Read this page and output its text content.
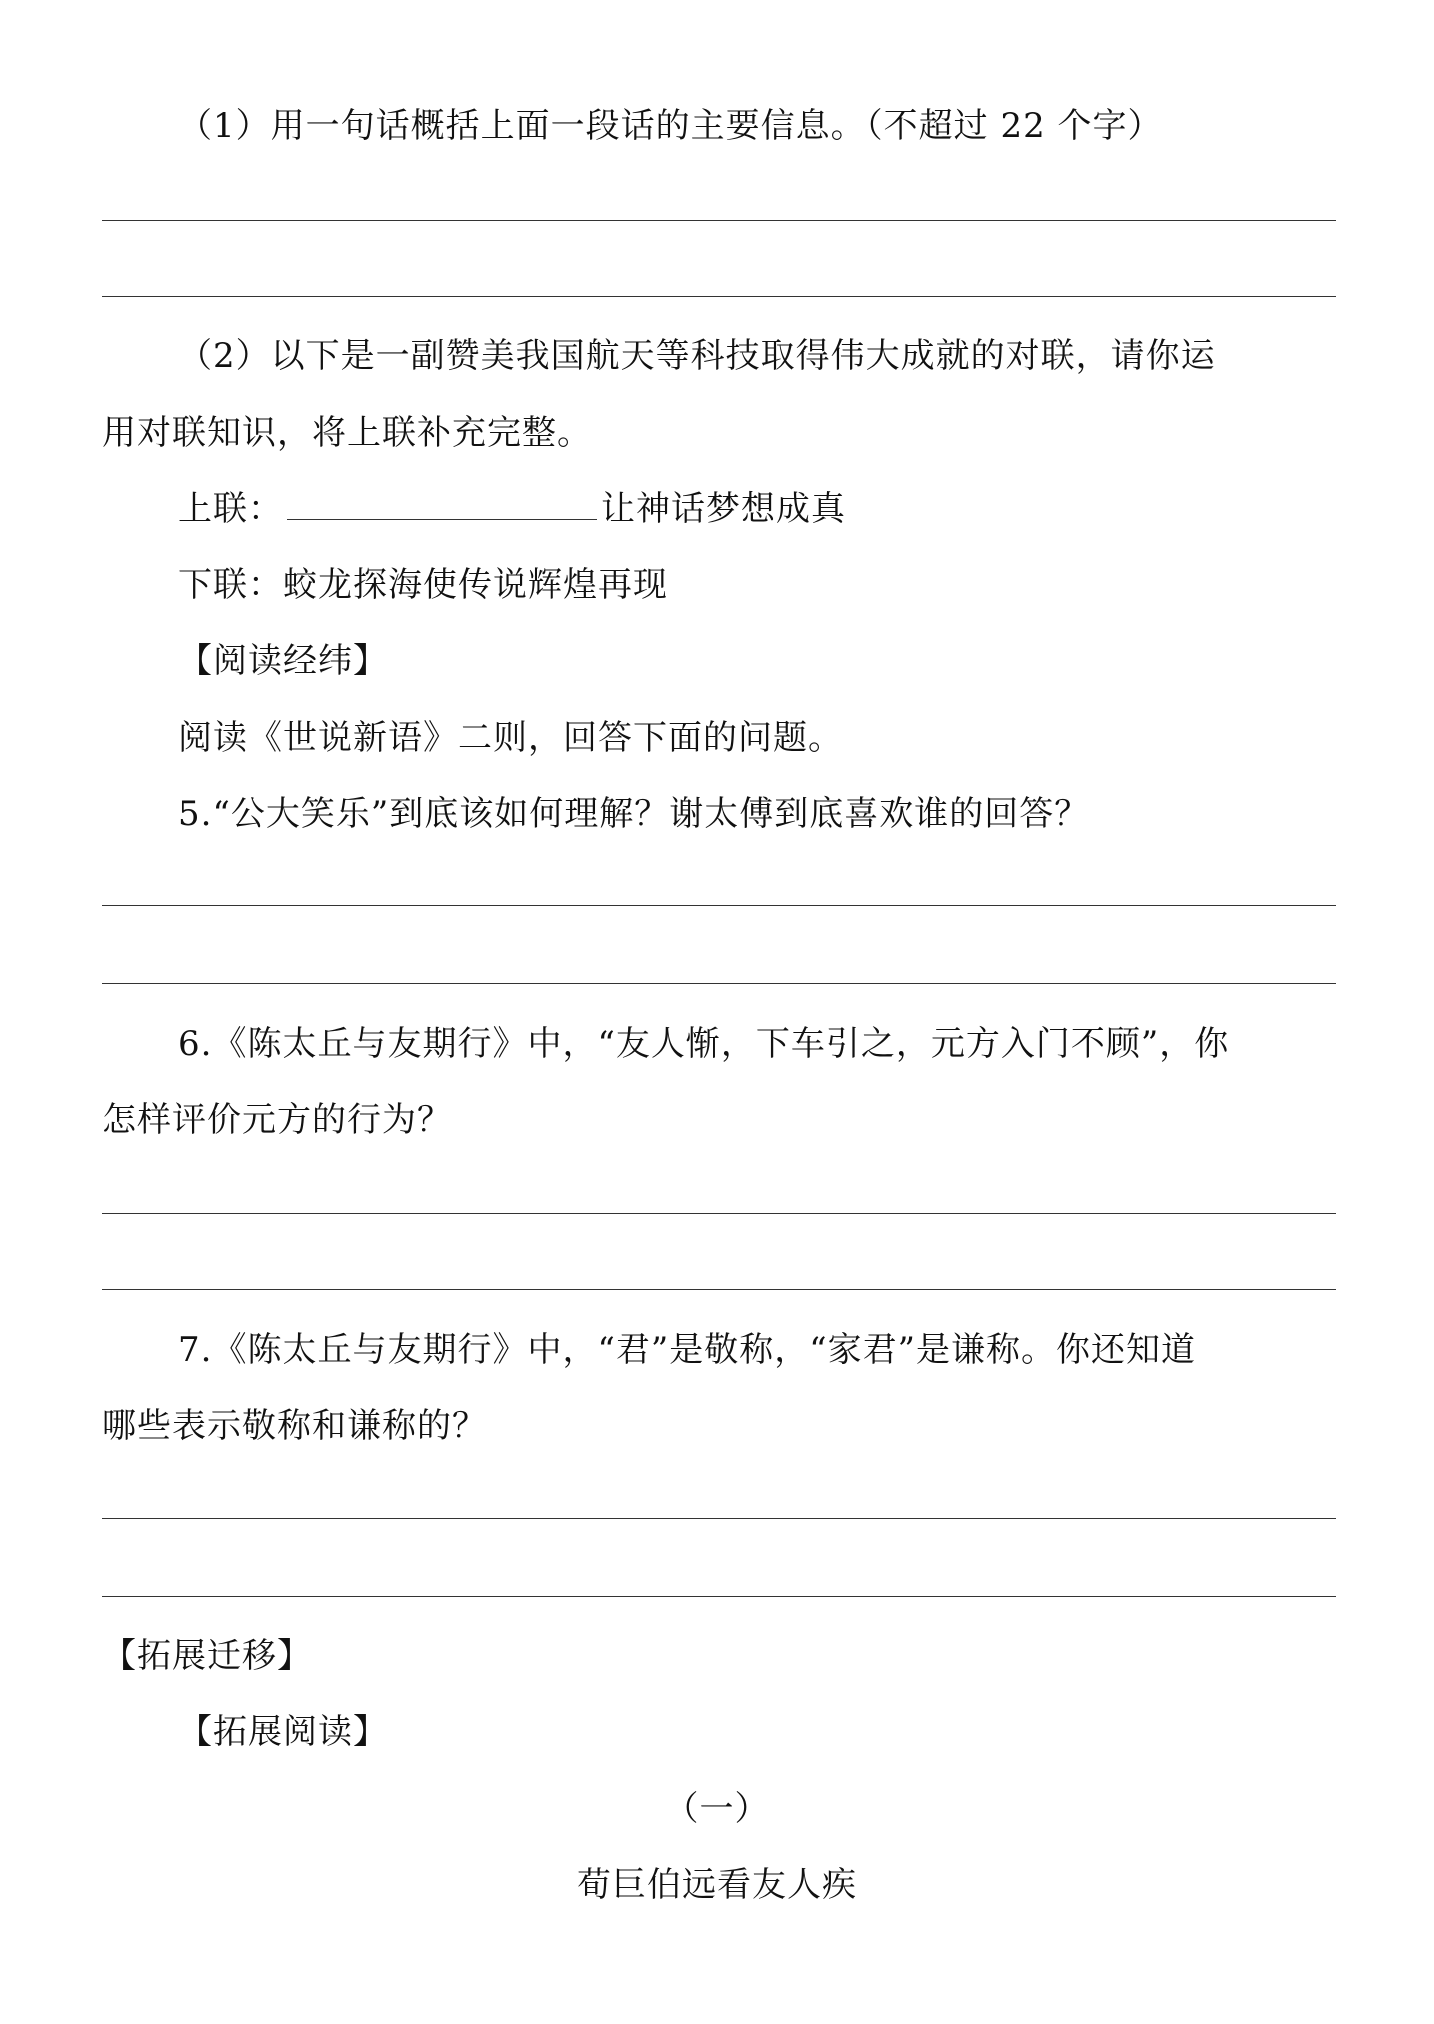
（1）用一句话概括上面一段话的主要信息。（不超过 22 个字）
（2）以下是一副赞美我国航天等科技取得伟大成就的对联，请你运
用对联知识，将上联补充完整。
上联：	让神话梦想成真
下联：蛟龙探海使传说辉煌再现
【阅读经纬】
阅读《世说新语》二则，回答下面的问题。
5.“公大笑乐”到底该如何理解？谢太傅到底喜欢谁的回答？
6.《陈太丘与友期行》中，“友人惭，下车引之，元方入门不顾”，你
怎样评价元方的行为？
7.《陈太丘与友期行》中，“君”是敬称，“家君”是谦称。你还知道
哪些表示敬称和谦称的？
【拓展迁移】
【拓展阅读】
（一）
荀巨伯远看友人疾
